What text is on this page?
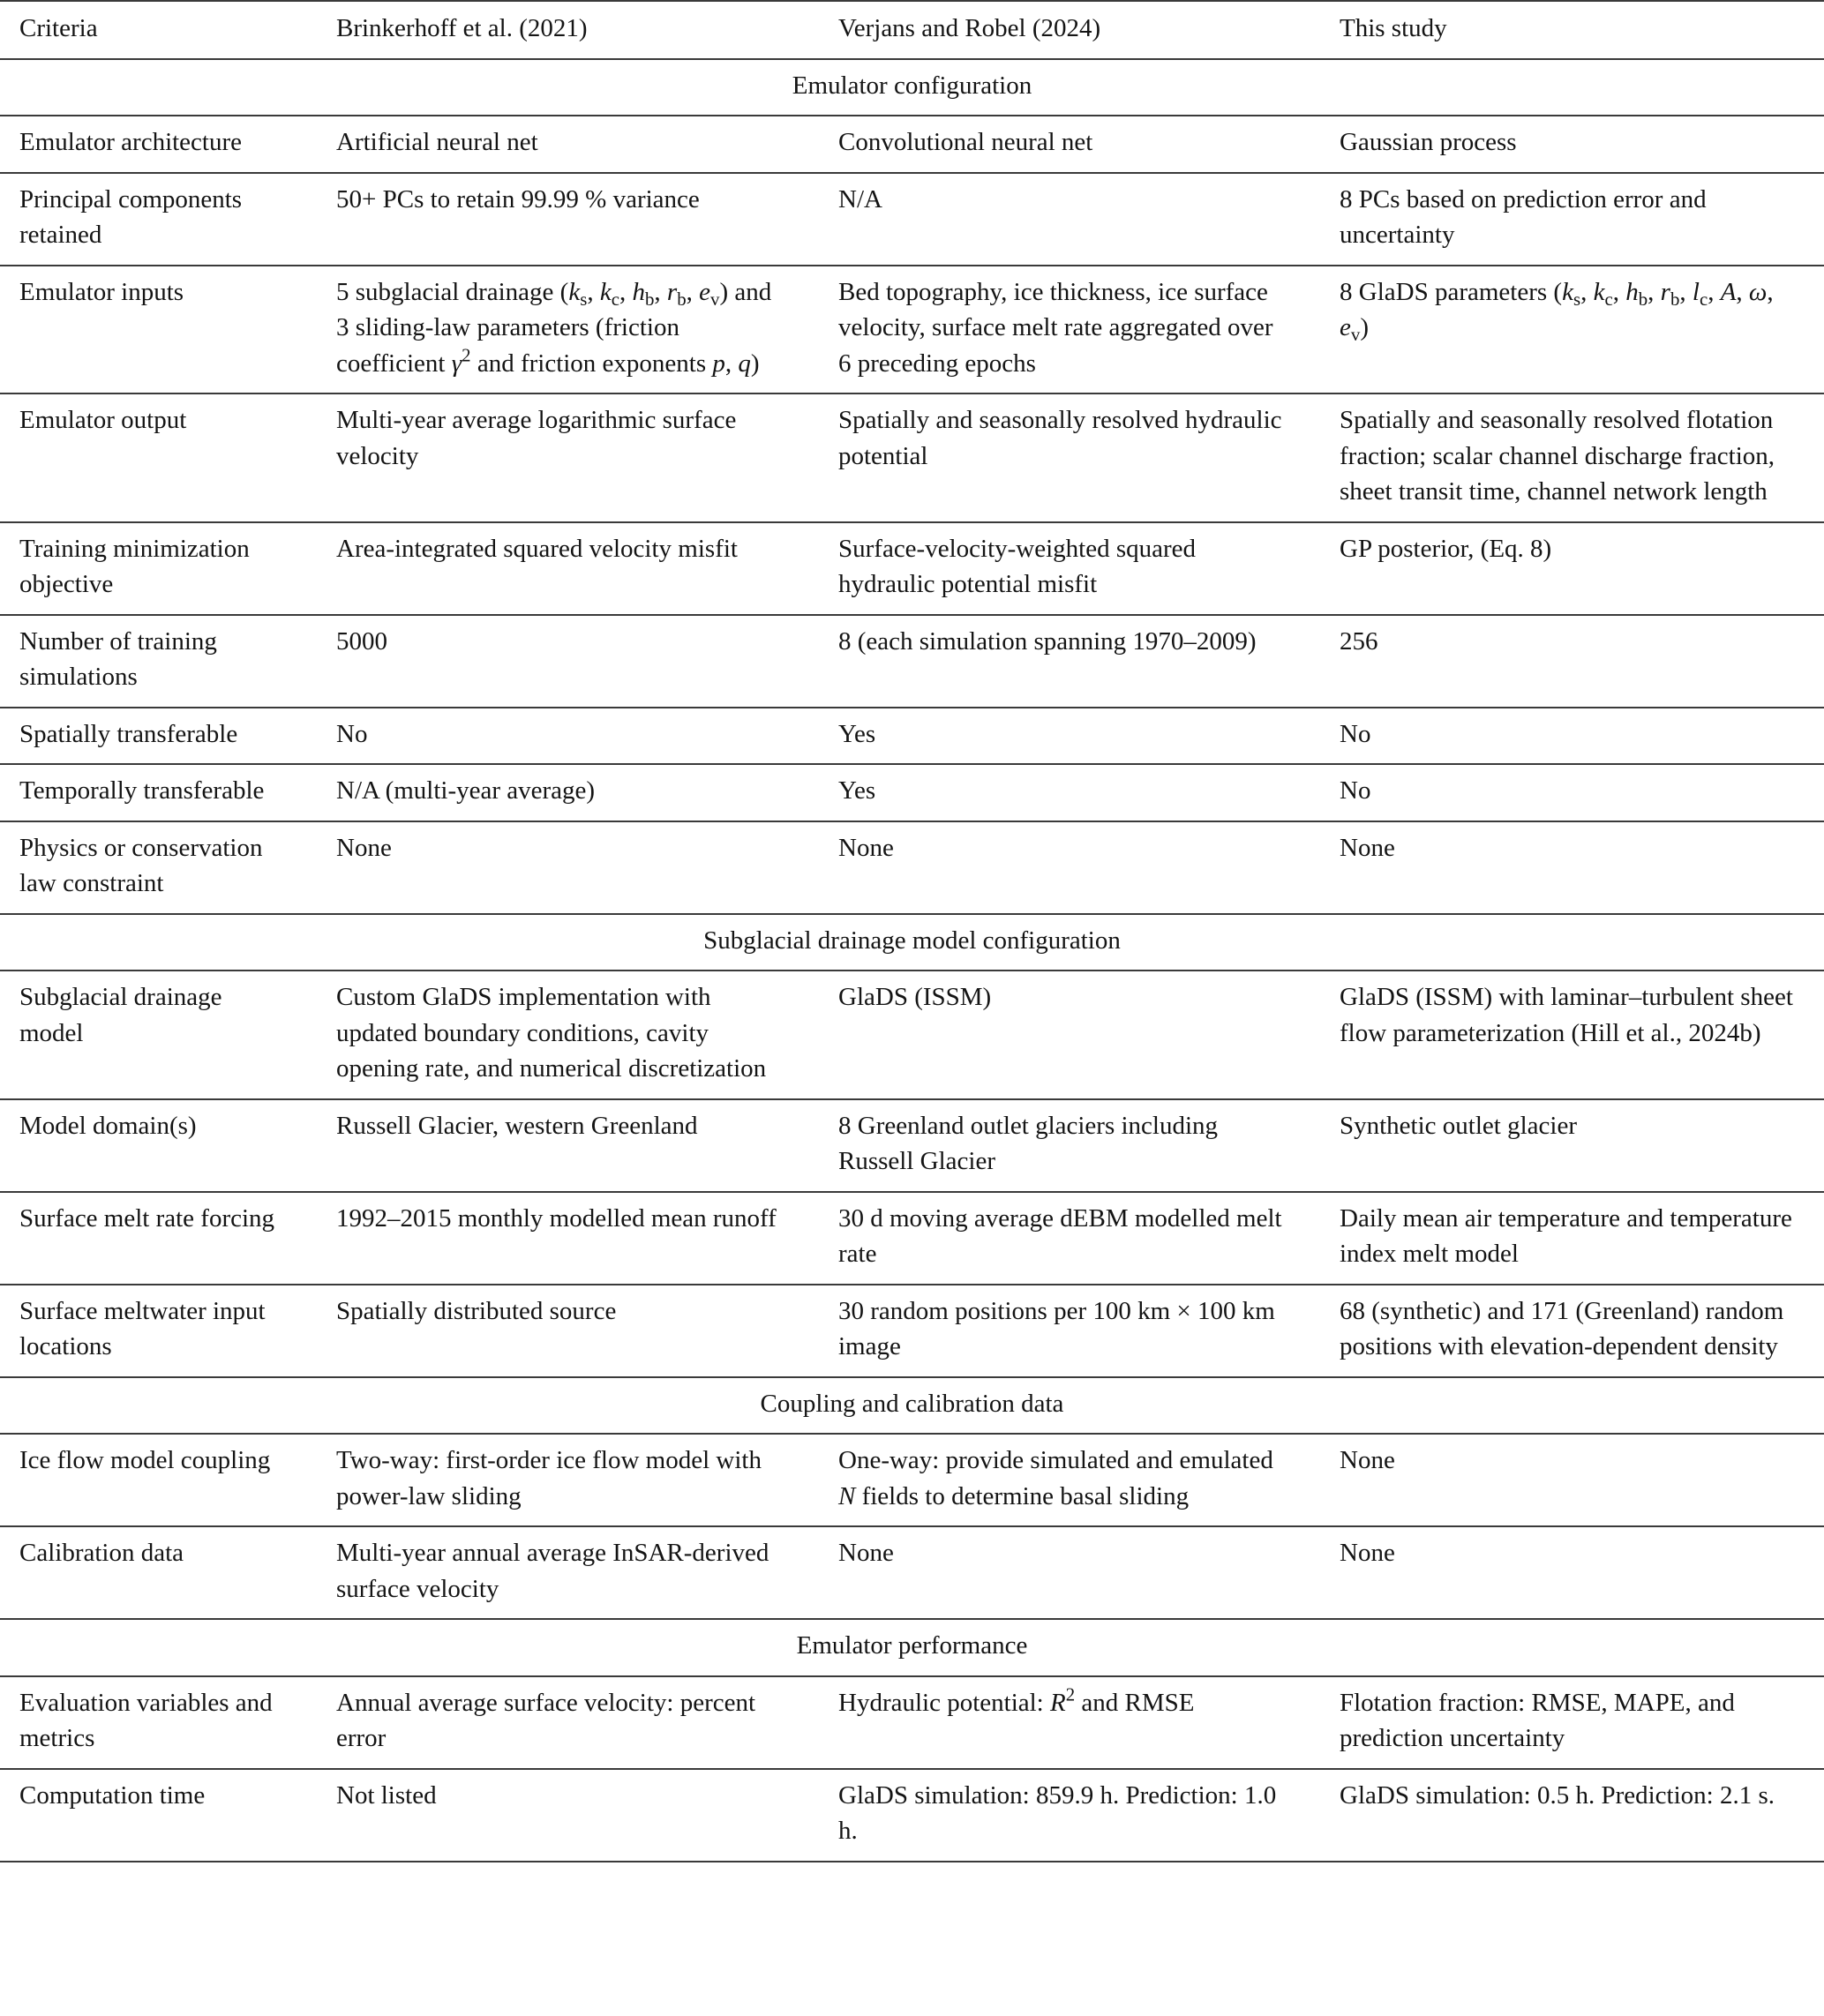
Criteria	Brinkerhoff et al. (2021)	Verjans and Robel (2024)	This study
Emulator configuration			
Emulator architecture	Artificial neural net	Convolutional neural net	Gaussian process
Principal components retained	50+ PCs to retain 99.99 % variance	N/A	8 PCs based on prediction error and uncertainty
Emulator inputs	5 subglacial drainage ($k_s$, $k_c$, $h_b$, $r_b$, $e_v$) and 3 sliding-law parameters (friction coefficient $\gamma^2$ and friction exponents p, q)	Bed topography, ice thickness, ice surface velocity, surface melt rate aggregated over 6 preceding epochs	8 GlaDS parameters ($k_s$, $k_c$, $h_b$, $r_b$, $l_c$, A, ω, $e_v$)
Emulator output	Multi-year average logarithmic surface velocity	Spatially and seasonally resolved hydraulic potential	Spatially and seasonally resolved flotation fraction; scalar channel discharge fraction, sheet transit time, channel network length
Training minimization objective	Area-integrated squared velocity misfit	Surface-velocity-weighted squared hydraulic potential misfit	GP posterior, (Eq. 8)
Number of training simulations	5000	8 (each simulation spanning 1970–2009)	256
Spatially transferable	No	Yes	No
Temporally transferable	N/A (multi-year average)	Yes	No
Physics or conservation law constraint	None	None	None
Subglacial drainage model configuration			
Subglacial drainage model	Custom GlaDS implementation with updated boundary conditions, cavity opening rate, and numerical discretization	GlaDS (ISSM)	GlaDS (ISSM) with laminar–turbulent sheet flow parameterization (Hill et al., 2024b)
Model domain(s)	Russell Glacier, western Greenland	8 Greenland outlet glaciers including Russell Glacier	Synthetic outlet glacier
Surface melt rate forcing	1992–2015 monthly modelled mean runoff	30 d moving average dEBM modelled melt rate	Daily mean air temperature and temperature index melt model
Surface meltwater input locations	Spatially distributed source	30 random positions per 100 km × 100 km image	68 (synthetic) and 171 (Greenland) random positions with elevation-dependent density
Coupling and calibration data			
Ice flow model coupling	Two-way: first-order ice flow model with power-law sliding	One-way: provide simulated and emulated N fields to determine basal sliding	None
Calibration data	Multi-year annual average InSAR-derived surface velocity	None	None
Emulator performance			
Evaluation variables and metrics	Annual average surface velocity: percent error	Hydraulic potential: $R^2$ and RMSE	Flotation fraction: RMSE, MAPE, and prediction uncertainty
Computation time	Not listed	GlaDS simulation: 859.9 h. Prediction: 1.0 h.	GlaDS simulation: 0.5 h. Prediction: 2.1 s.
